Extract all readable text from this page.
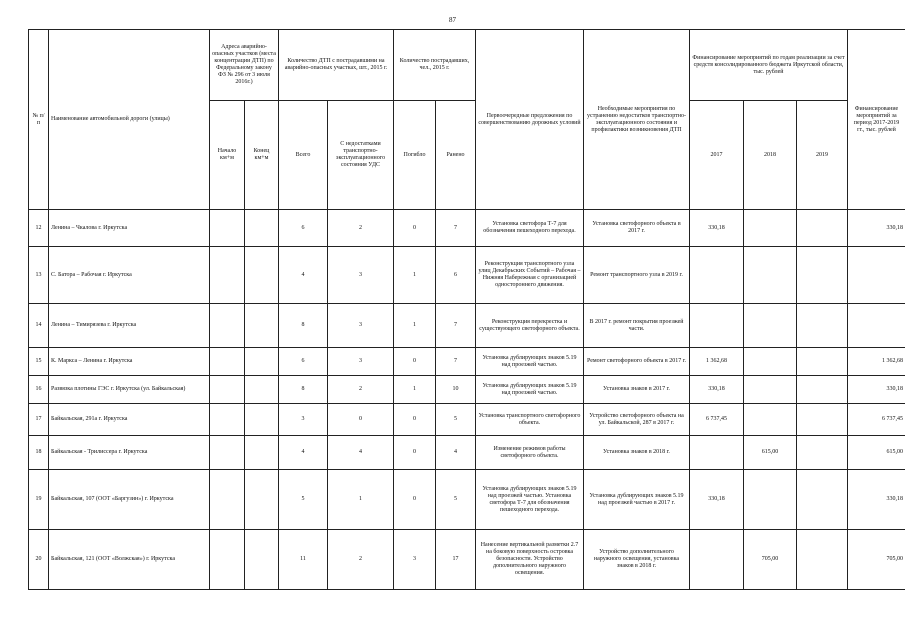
87
№ п/п	Наименование автомобильной дороги (улицы)	Адреса аварийно-опасных участков (места концентрации ДТП) по Федеральному закону ФЗ № 296 от 3 июля 2016г.)		Количество ДТП с пострадавшими на аварийно-опасных участках, шт., 2015 г.		Количество пострадавших, чел., 2015 г.		Первоочередные предложения по совершенствованию дорожных условий	Необходимые мероприятия по устранению недостатков транспортно-эксплуатационного состояния и профилактики возникновения ДТП	Финансирование мероприятий по годам реализации за счет средств консолидированного бюджета Иркутской области, тыс. рублей			Финансирование мероприятий за период 2017-2019 гг., тыс. рублей
		Начало км+м	Конец км+м	Всего	С недостатками транспортно-эксплуатационного состояния УДС	Погибло	Ранено			2017	2018	2019	
12	Ленина – Чкалова г. Иркутска			6	2	0	7	Установка светофора Т-7 для обозначения пешеходного перехода.	Установка светофорного объекта в 2017 г.	330,18			330,18
13	С. Батора – Рабочая г. Иркутска			4	3	1	6	Реконструкция транспортного узла улиц Декабрьских Событий – Рабочая – Нижняя Набережная с организацией одностороннего движения.	Ремонт транспортного узла в 2019 г.				
14	Ленина – Тимирязева г. Иркутска			8	3	1	7	Реконструкция перекрестка и существующего светофорного объекта.	В 2017 г. ремонт покрытия проезжей части.				
15	К. Маркса – Ленина г. Иркутска			6	3	0	7	Установка дублирующих знаков 5.19 над проезжей частью.	Ремонт светофорного объекта в 2017 г.	1 362,68			1 362,68
16	Развязка плотины ГЭС г. Иркутска (ул. Байкальская)			8	2	1	10	Установка дублирующих знаков 5.19 над проезжей частью.	Установка знаков в 2017 г.	330,18			330,18
17	Байкальская, 291а г. Иркутска			3	0	0	5	Установка транспортного светофорного объекта.	Устройство светофорного объекта на ул. Байкальской, 287 в 2017 г.	6 737,45			6 737,45
18	Байкальская - Трилиссера г. Иркутска			4	4	0	4	Изменение режимов работы светофорного объекта.	Установка знаков в 2018 г.		615,00		615,00
19	Байкальская, 107 (ООТ «Баргузин») г. Иркутска			5	1	0	5	Установка дублирующих знаков 5.19 над проезжей частью. Установка светофора Т-7 для обозначения пешеходного перехода.	Установка дублирующих знаков 5.19 над проезжей частью в 2017 г.	330,18			330,18
20	Байкальская, 121 (ООТ «Волжская») г. Иркутска			11	2	3	17	Нанесение вертикальной разметки 2.7 на боковую поверхность островка безопасности. Устройство дополнительного наружного освещения.	Устройство дополнительного наружного освещения, установка знаков в 2018 г.		705,00		705,00
